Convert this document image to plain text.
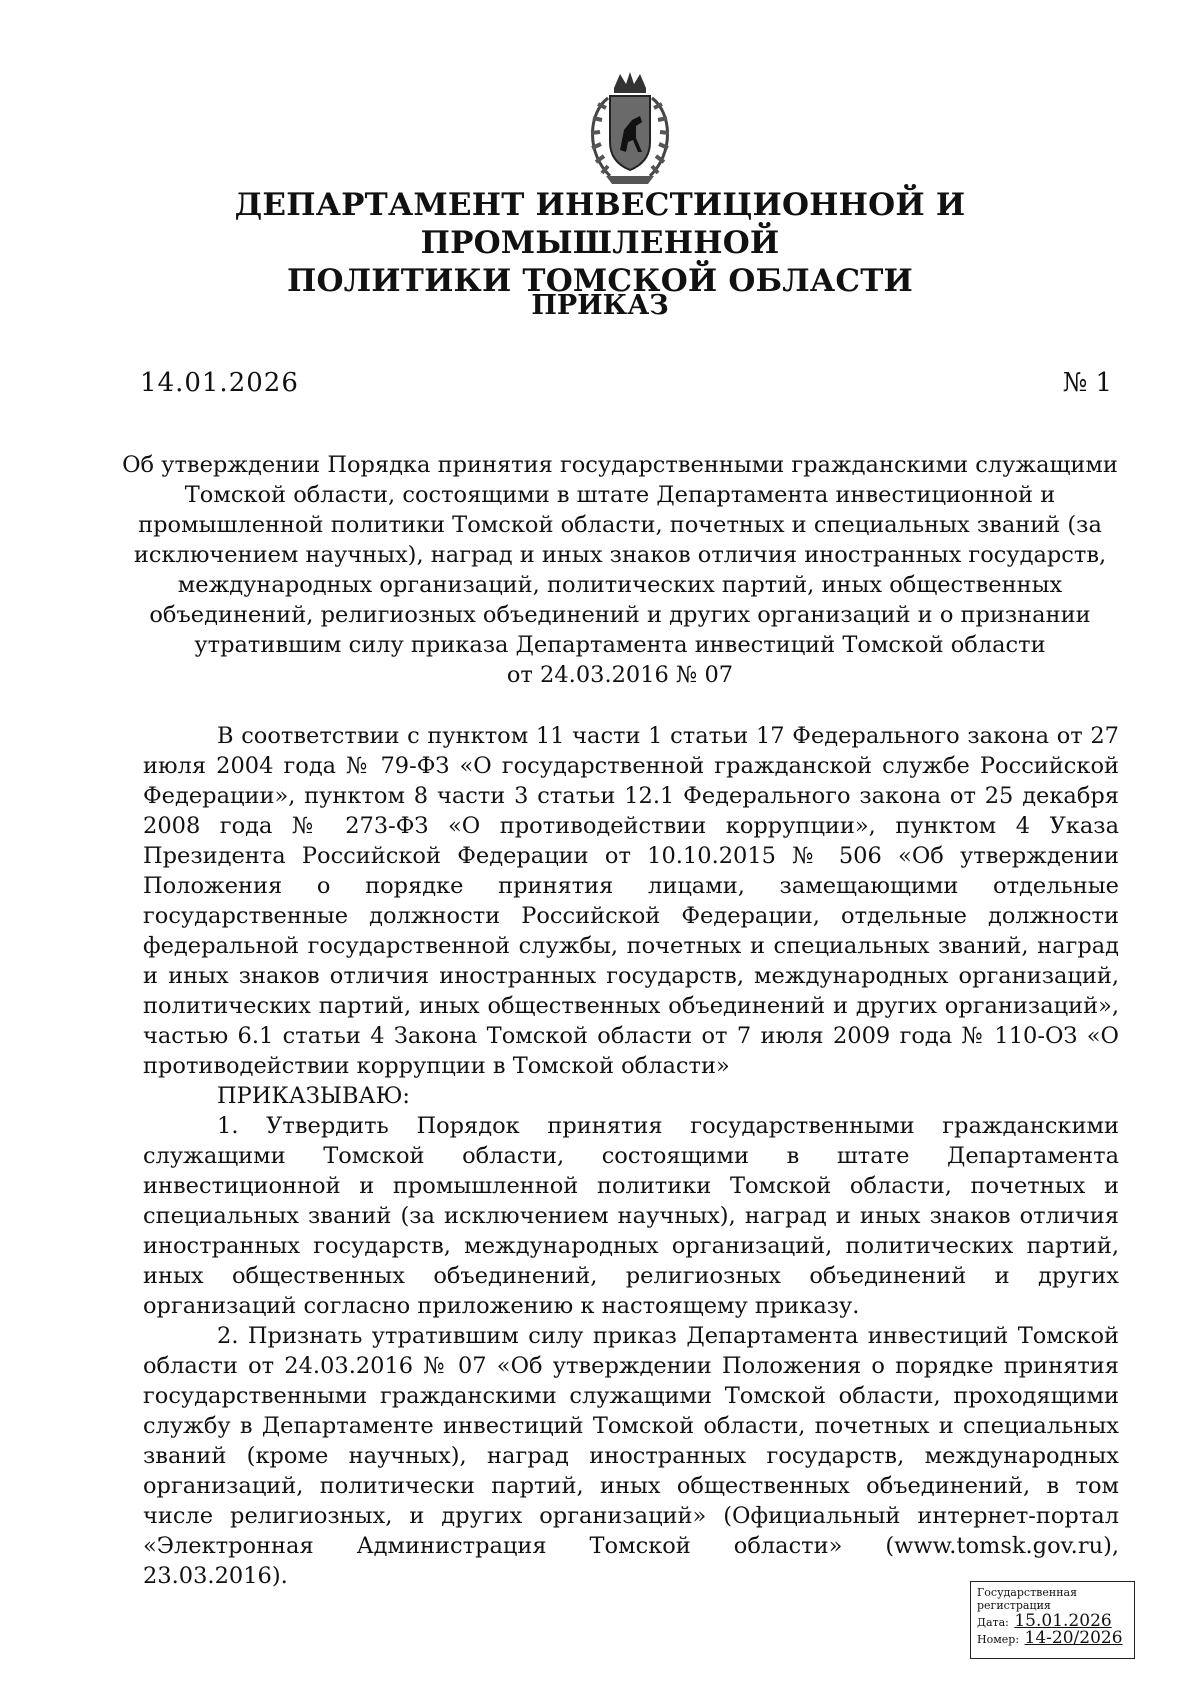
ДЕПАРТАМЕНТ ИНВЕСТИЦИОННОЙ И ПРОМЫШЛЕННОЙ
ПОЛИТИКИ ТОМСКОЙ ОБЛАСТИ
ПРИКАЗ
14.01.2026	№ 1
Об утверждении Порядка принятия государственными гражданскими служащими
Томской области, состоящими в штате Департамента инвестиционной и
промышленной политики Томской области, почетных и специальных званий (за
исключением научных), наград и иных знаков отличия иностранных государств,
международных организаций, политических партий, иных общественных
объединений, религиозных объединений и других организаций и о признании
утратившим силу приказа Департамента инвестиций Томской области
от 24.03.2016 № 07

В соответствии с пунктом 11 части 1 статьи 17 Федерального закона от 27 июля 2004 года № 79-ФЗ «О государственной гражданской службе Российской Федерации», пунктом 8 части 3 статьи 12.1 Федерального закона от 25 декабря 2008 года № 273-ФЗ «О противодействии коррупции», пунктом 4 Указа Президента Российской Федерации от 10.10.2015 № 506 «Об утверждении Положения о порядке принятия лицами, замещающими отдельные государственные должности Российской Федерации, отдельные должности федеральной государственной службы, почетных и специальных званий, наград и иных знаков отличия иностранных государств, международных организаций, политических партий, иных общественных объединений и других организаций», частью 6.1 статьи 4 Закона Томской области от 7 июля 2009 года № 110-ОЗ «О противодействии коррупции в Томской области»

ПРИКАЗЫВАЮ:

1. Утвердить Порядок принятия государственными гражданскими служащими Томской области, состоящими в штате Департамента инвестиционной и промышленной политики Томской области, почетных и специальных званий (за исключением научных), наград и иных знаков отличия иностранных государств, международных организаций, политических партий, иных общественных объединений, религиозных объединений и других организаций согласно приложению к настоящему приказу.

2. Признать утратившим силу приказ Департамента инвестиций Томской области от 24.03.2016 № 07 «Об утверждении Положения о порядке принятия государственными гражданскими служащими Томской области, проходящими службу в Департаменте инвестиций Томской области, почетных и специальных званий (кроме научных), наград иностранных государств, международных организаций, политически партий, иных общественных объединений, в том числе религиозных, и других организаций» (Официальный интернет-портал «Электронная Администрация Томской области» (www.tomsk.gov.ru), 23.03.2016).

Государственная регистрация
Дата: 15.01.2026
Номер: 14-20/2026
